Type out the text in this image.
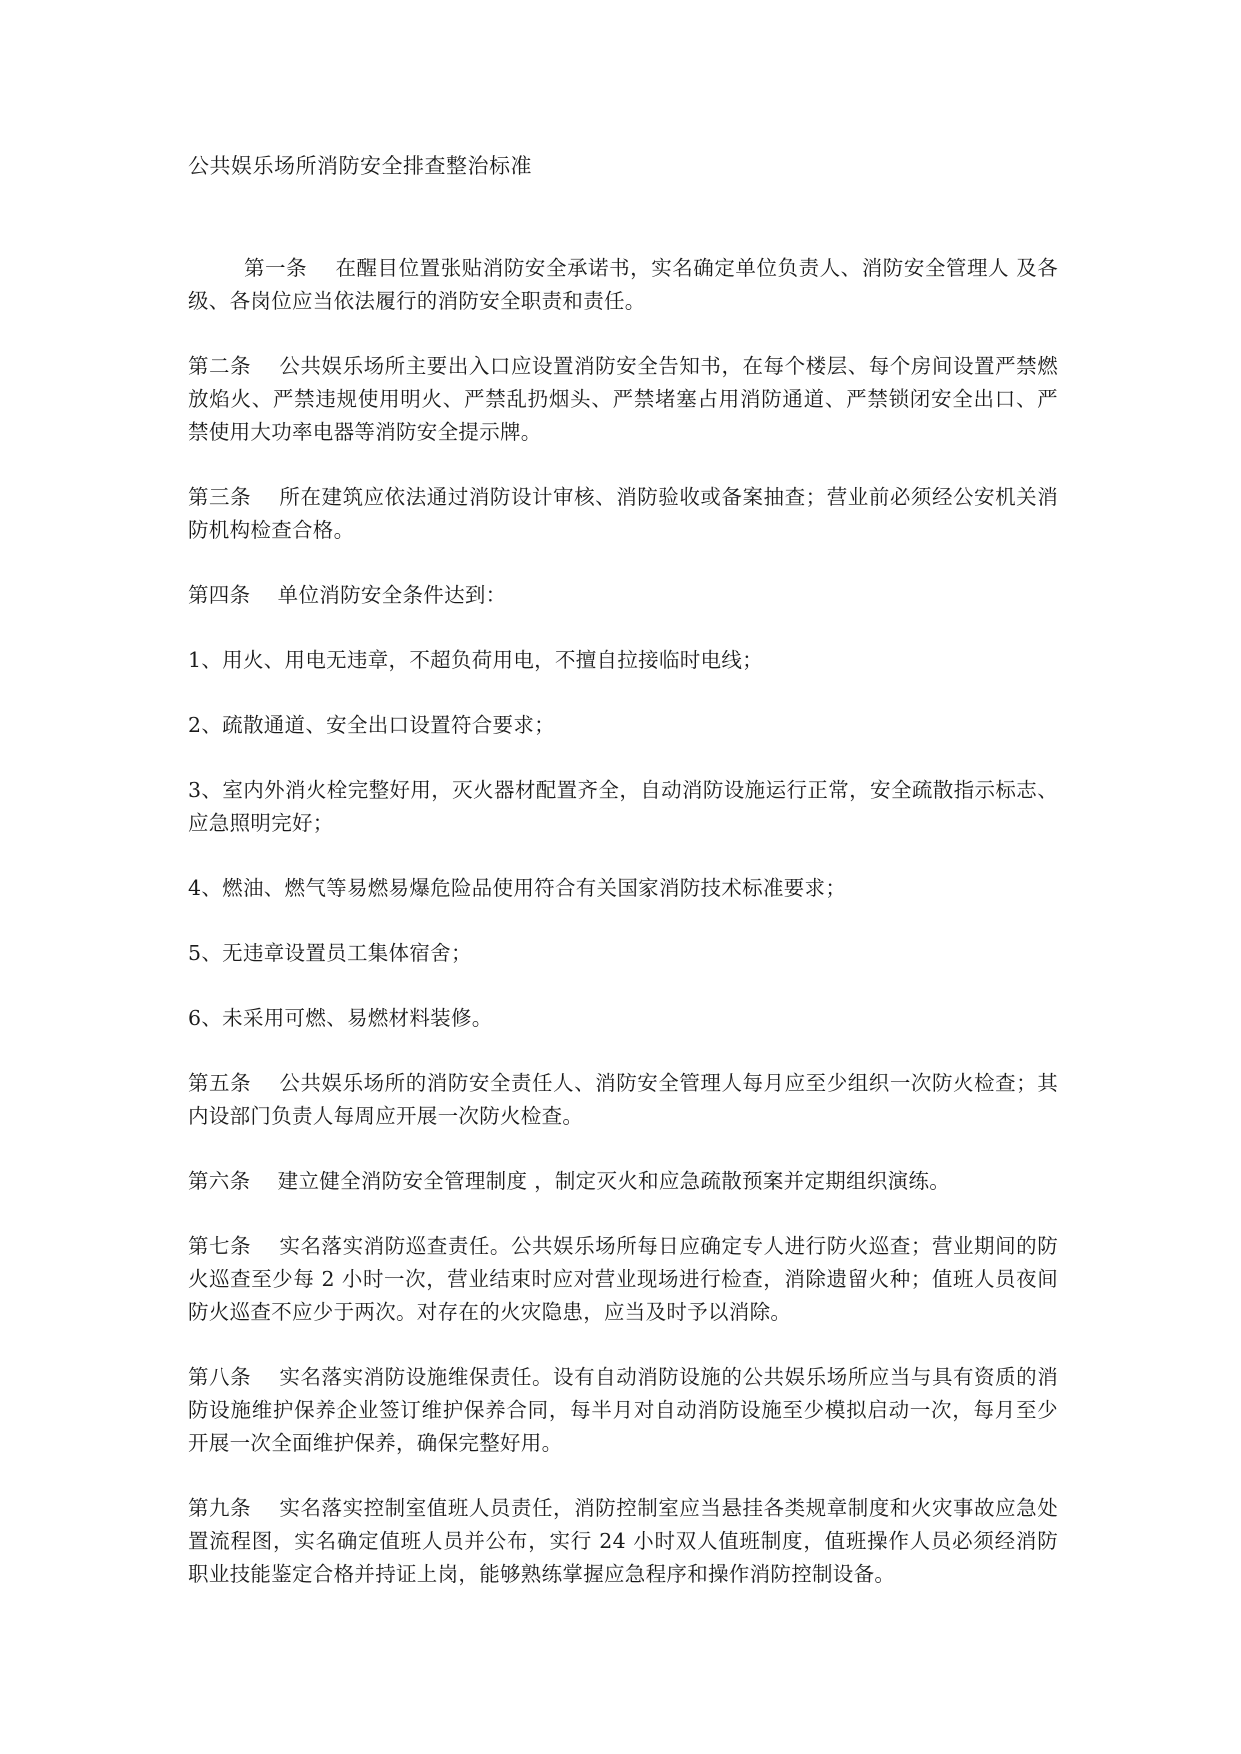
公共娱乐场所消防安全排查整治标准

第一条    在醒目位置张贴消防安全承诺书，实名确定单位负责人、消防安全管理人 及各级、各岗位应当依法履行的消防安全职责和责任。

第二条    公共娱乐场所主要出入口应设置消防安全告知书，在每个楼层、每个房间设置严禁燃放焰火、严禁违规使用明火、严禁乱扔烟头、严禁堵塞占用消防通道、严禁锁闭安全出口、严禁使用大功率电器等消防安全提示牌。

第三条    所在建筑应依法通过消防设计审核、消防验收或备案抽查；营业前必须经公安机关消防机构检查合格。

第四条    单位消防安全条件达到：

1、用火、用电无违章，不超负荷用电，不擅自拉接临时电线；

2、疏散通道、安全出口设置符合要求；

3、室内外消火栓完整好用，灭火器材配置齐全，自动消防设施运行正常，安全疏散指示标志、应急照明完好；

4、燃油、燃气等易燃易爆危险品使用符合有关国家消防技术标准要求；

5、无违章设置员工集体宿舍；

6、未采用可燃、易燃材料装修。

第五条    公共娱乐场所的消防安全责任人、消防安全管理人每月应至少组织一次防火检查；其内设部门负责人每周应开展一次防火检查。

第六条    建立健全消防安全管理制度 ，制定灭火和应急疏散预案并定期组织演练。

第七条    实名落实消防巡查责任。公共娱乐场所每日应确定专人进行防火巡查；营业期间的防火巡查至少每 2 小时一次，营业结束时应对营业现场进行检查，消除遗留火种；值班人员夜间防火巡查不应少于两次。对存在的火灾隐患，应当及时予以消除。

第八条    实名落实消防设施维保责任。设有自动消防设施的公共娱乐场所应当与具有资质的消防设施维护保养企业签订维护保养合同，每半月对自动消防设施至少模拟启动一次，每月至少开展一次全面维护保养，确保完整好用。

第九条    实名落实控制室值班人员责任，消防控制室应当悬挂各类规章制度和火灾事故应急处置流程图，实名确定值班人员并公布，实行 24 小时双人值班制度，值班操作人员必须经消防职业技能鉴定合格并持证上岗，能够熟练掌握应急程序和操作消防控制设备。
